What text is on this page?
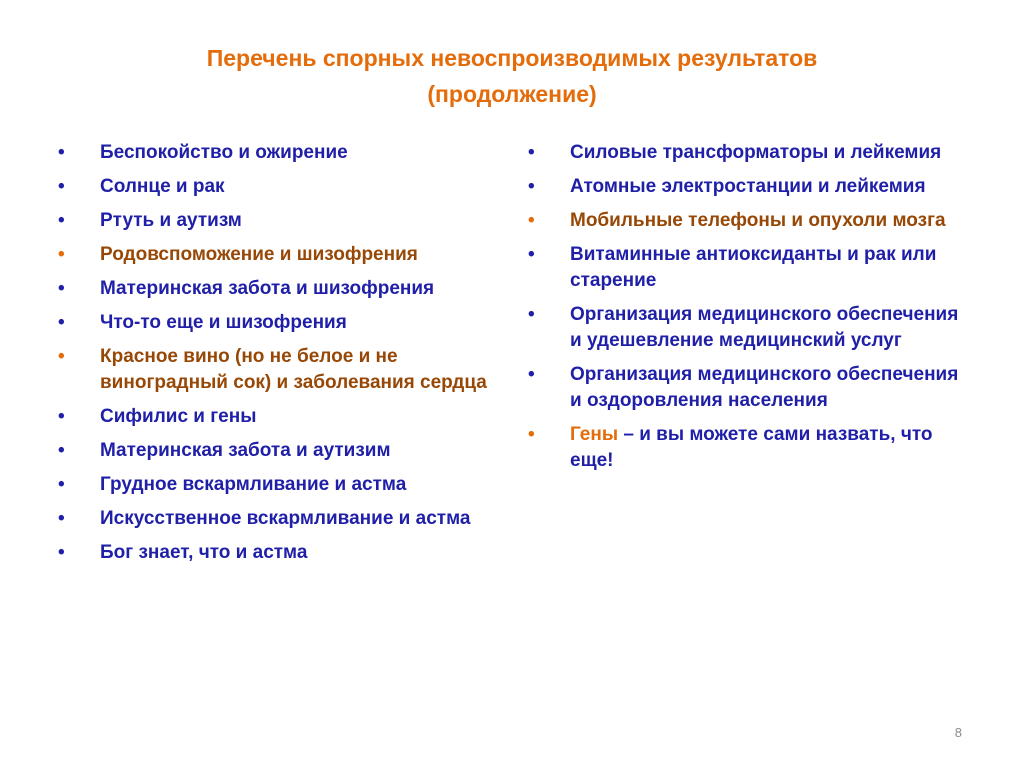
Перечень спорных невоспроизводимых результатов
(продолжение)
•	Беспокойство и ожирение
•	Солнце и рак
•	Ртуть и аутизм
•	Родовспоможение и шизофрения
•	Материнская забота и шизофрения
•	Что-то еще и шизофрения
•	Красное вино (но не белое и не виноградный сок) и заболевания сердца
•	Сифилис и гены
•	Материнская забота и аутизим
•	Грудное вскармливание и астма
•	Искусственное вскармливание и астма
•	Бог знает, что и астма
•	Силовые трансформаторы и лейкемия
•	Атомные электростанции и лейкемия
•	Мобильные телефоны и опухоли мозга
•	Витаминные антиоксиданты и рак или старение
•	Организация медицинского обеспечения и удешевление медицинский услуг
•	Организация медицинского обеспечения и оздоровления населения
•	Гены – и вы можете сами назвать, что еще!
8
